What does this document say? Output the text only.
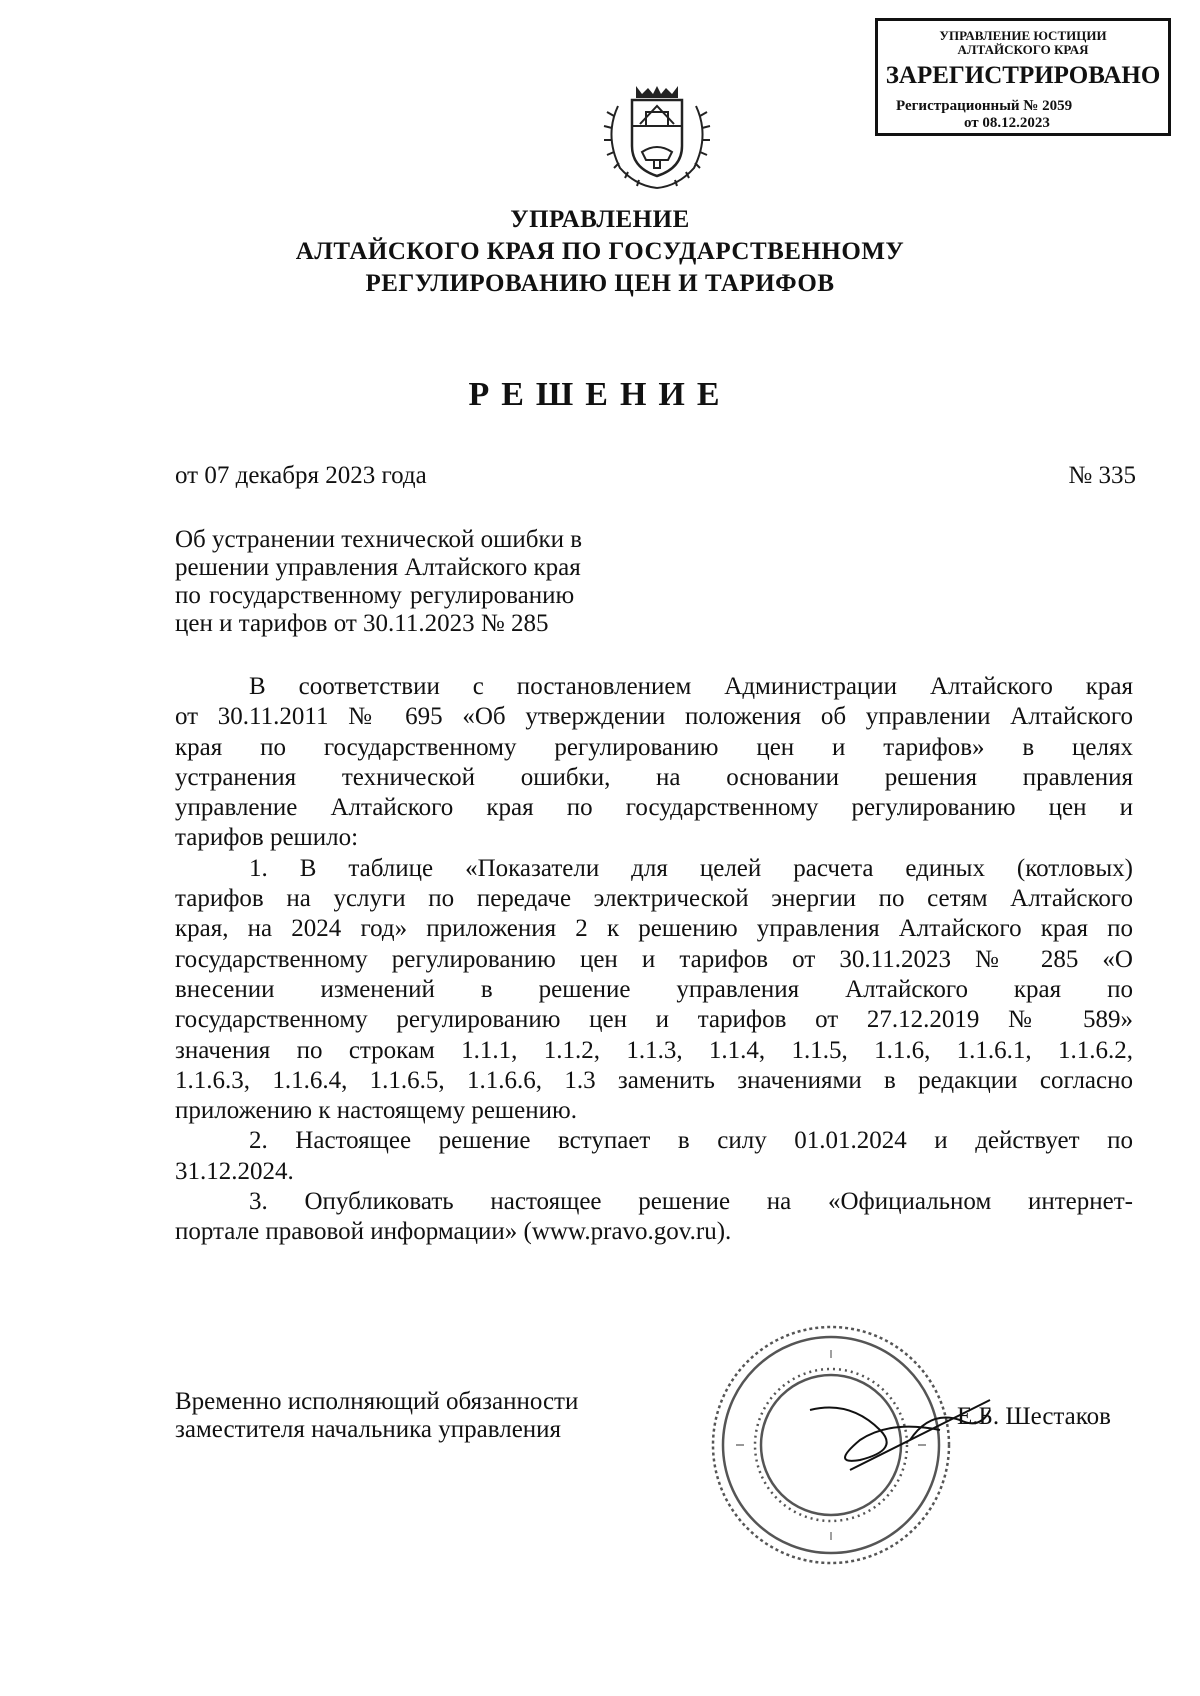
УПРАВЛЕНИЕ ЮСТИЦИИ
АЛТАЙСКОГО КРАЯ
ЗАРЕГИСТРИРОВАНО
Регистрационный № 2059
от 08.12.2023
УПРАВЛЕНИЕ
АЛТАЙСКОГО КРАЯ ПО ГОСУДАРСТВЕННОМУ
РЕГУЛИРОВАНИЮ ЦЕН И ТАРИФОВ
РЕШЕНИЕ
от 07 декабря 2023 года	№ 335
Об устранении технической ошибки в
решении управления Алтайского края
по государственному регулированию
цен и тарифов от 30.11.2023 № 285
В соответствии с постановлением Администрации Алтайского края
от 30.11.2011 № 695 «Об утверждении положения об управлении Алтайского
края по государственному регулированию цен и тарифов» в целях
устранения технической ошибки, на основании решения правления
управление Алтайского края по государственному регулированию цен и
тарифов решило:
1. В таблице «Показатели для целей расчета единых (котловых)
тарифов на услуги по передаче электрической энергии по сетям Алтайского
края, на 2024 год» приложения 2 к решению управления Алтайского края по
государственному регулированию цен и тарифов от 30.11.2023 № 285 «О
внесении изменений в решение управления Алтайского края по
государственному регулированию цен и тарифов от 27.12.2019 № 589»
значения по строкам 1.1.1, 1.1.2, 1.1.3, 1.1.4, 1.1.5, 1.1.6, 1.1.6.1, 1.1.6.2,
1.1.6.3, 1.1.6.4, 1.1.6.5, 1.1.6.6, 1.3 заменить значениями в редакции согласно
приложению к настоящему решению.
2. Настоящее решение вступает в силу 01.01.2024 и действует по
31.12.2024.
3. Опубликовать настоящее решение на «Официальном интернет-
портале правовой информации» (www.pravo.gov.ru).
Временно исполняющий обязанности
заместителя начальника управления	Е.Б. Шестаков
